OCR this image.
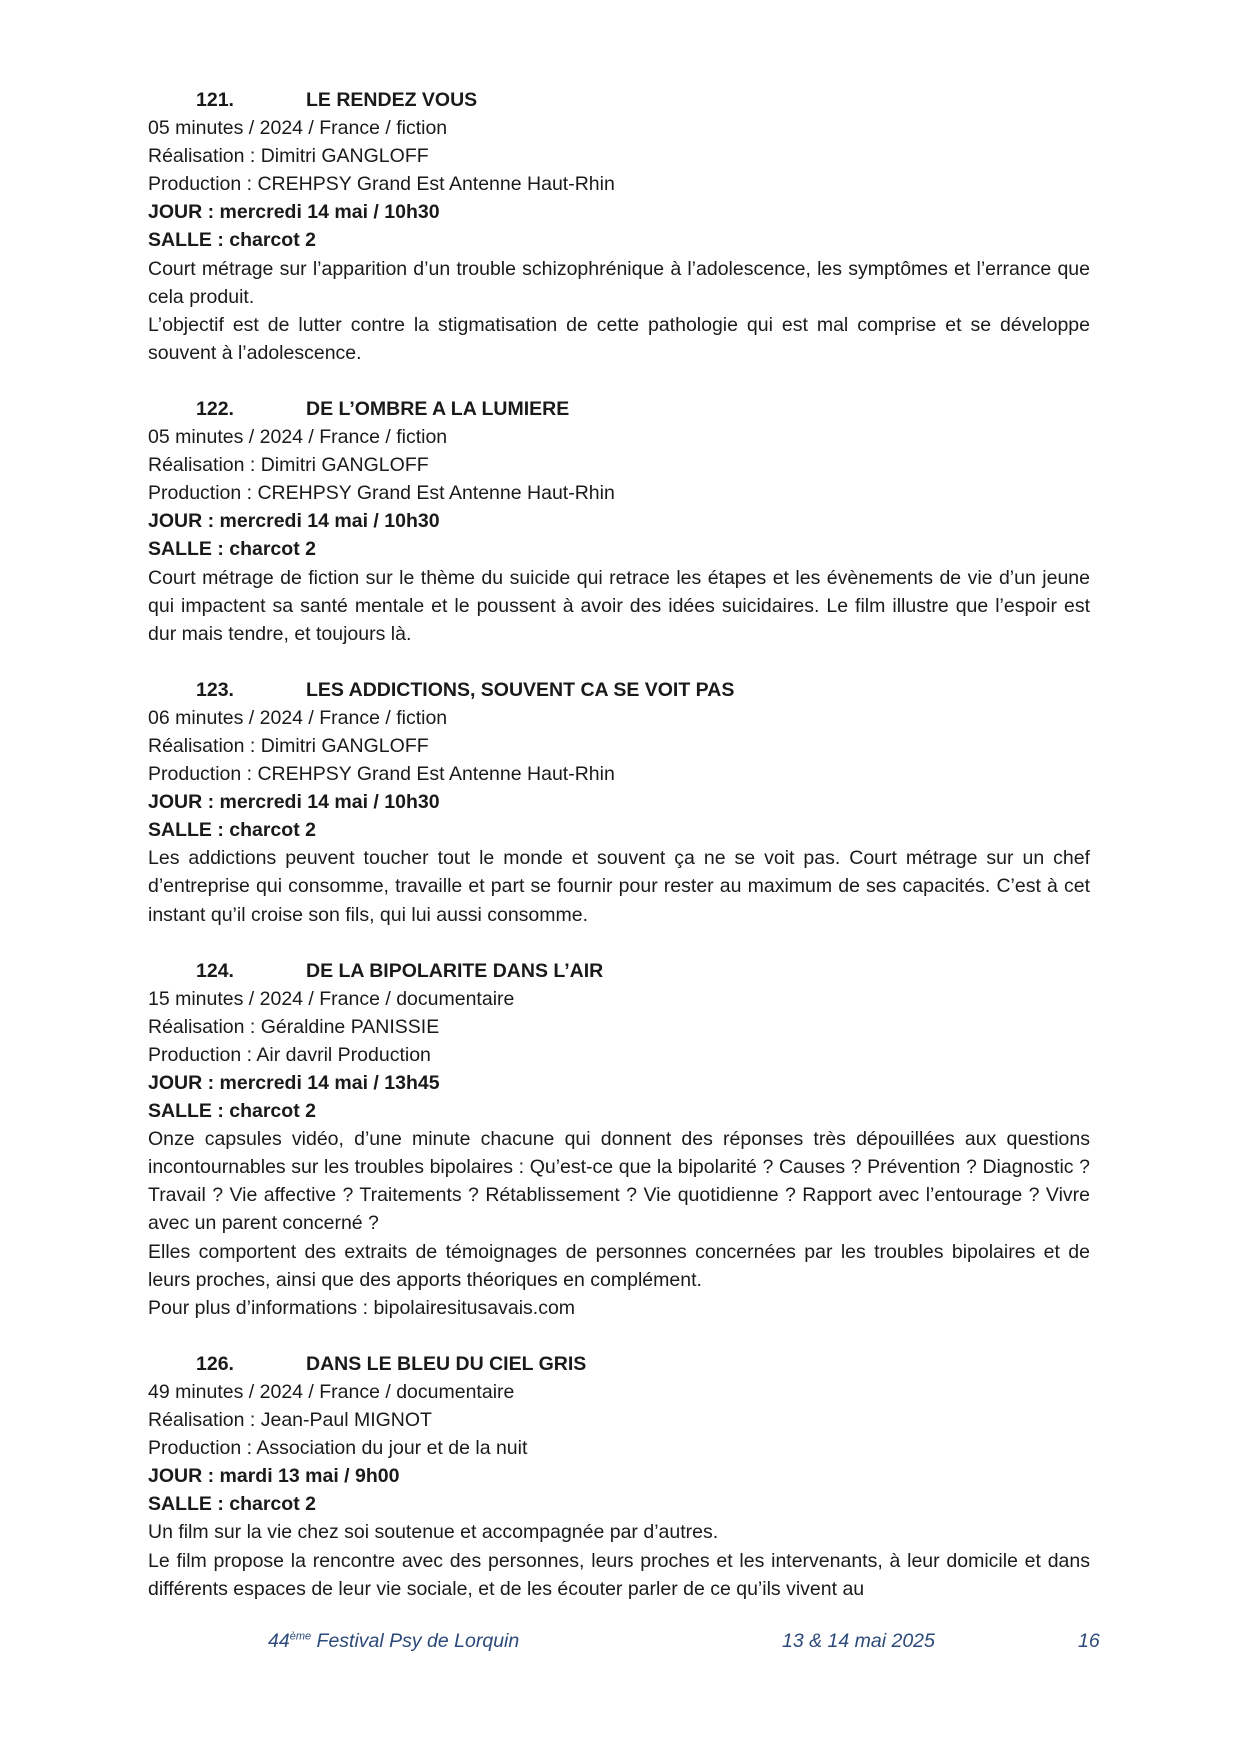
121.	LE RENDEZ VOUS
05 minutes / 2024 / France / fiction
Réalisation : Dimitri GANGLOFF
Production : CREHPSY Grand Est Antenne Haut-Rhin
JOUR : mercredi 14 mai / 10h30
SALLE : charcot 2

Court métrage sur l’apparition d’un trouble schizophrénique à l’adolescence, les symptômes et l’errance que cela produit.

L’objectif est de lutter contre la stigmatisation de cette pathologie qui est mal comprise et se développe souvent à l’adolescence.

122.	DE L’OMBRE A LA LUMIERE
05 minutes / 2024 / France / fiction
Réalisation : Dimitri GANGLOFF
Production : CREHPSY Grand Est Antenne Haut-Rhin
JOUR : mercredi 14 mai / 10h30
SALLE : charcot 2

Court métrage de fiction sur le thème du suicide qui retrace les étapes et les évènements de vie d’un jeune qui impactent sa santé mentale et le poussent à avoir des idées suicidaires. Le film illustre que l’espoir est dur mais tendre, et toujours là.

123.	LES ADDICTIONS, SOUVENT CA SE VOIT PAS
06 minutes / 2024 / France / fiction
Réalisation : Dimitri GANGLOFF
Production : CREHPSY Grand Est Antenne Haut-Rhin
JOUR : mercredi 14 mai / 10h30
SALLE : charcot 2

Les addictions peuvent toucher tout le monde et souvent ça ne se voit pas. Court métrage sur un chef d’entreprise qui consomme, travaille et part se fournir pour rester au maximum de ses capacités. C’est à cet instant qu’il croise son fils, qui lui aussi consomme.

124.	DE LA BIPOLARITE DANS L’AIR
15 minutes / 2024 / France / documentaire
Réalisation : Géraldine PANISSIE
Production : Air davril Production
JOUR : mercredi 14 mai / 13h45
SALLE : charcot 2

Onze capsules vidéo, d’une minute chacune qui donnent des réponses très dépouillées aux questions incontournables sur les troubles bipolaires : Qu’est-ce que la bipolarité ? Causes ? Prévention ? Diagnostic ? Travail ? Vie affective ? Traitements ? Rétablissement ? Vie quotidienne ? Rapport avec l’entourage ? Vivre avec un parent concerné ?

Elles comportent des extraits de témoignages de personnes concernées par les troubles bipolaires et de leurs proches, ainsi que des apports théoriques en complément.

Pour plus d’informations : bipolairesitusavais.com

126.	DANS LE BLEU DU CIEL GRIS
49 minutes / 2024 / France / documentaire
Réalisation : Jean-Paul MIGNOT
Production : Association du jour et de la nuit
JOUR : mardi 13 mai / 9h00
SALLE : charcot 2

Un film sur la vie chez soi soutenue et accompagnée par d’autres.

Le film propose la rencontre avec des personnes, leurs proches et les intervenants, à leur domicile et dans différents espaces de leur vie sociale, et de les écouter parler de ce qu’ils vivent au

44ème Festival Psy de Lorquin	13 & 14 mai 2025	16
